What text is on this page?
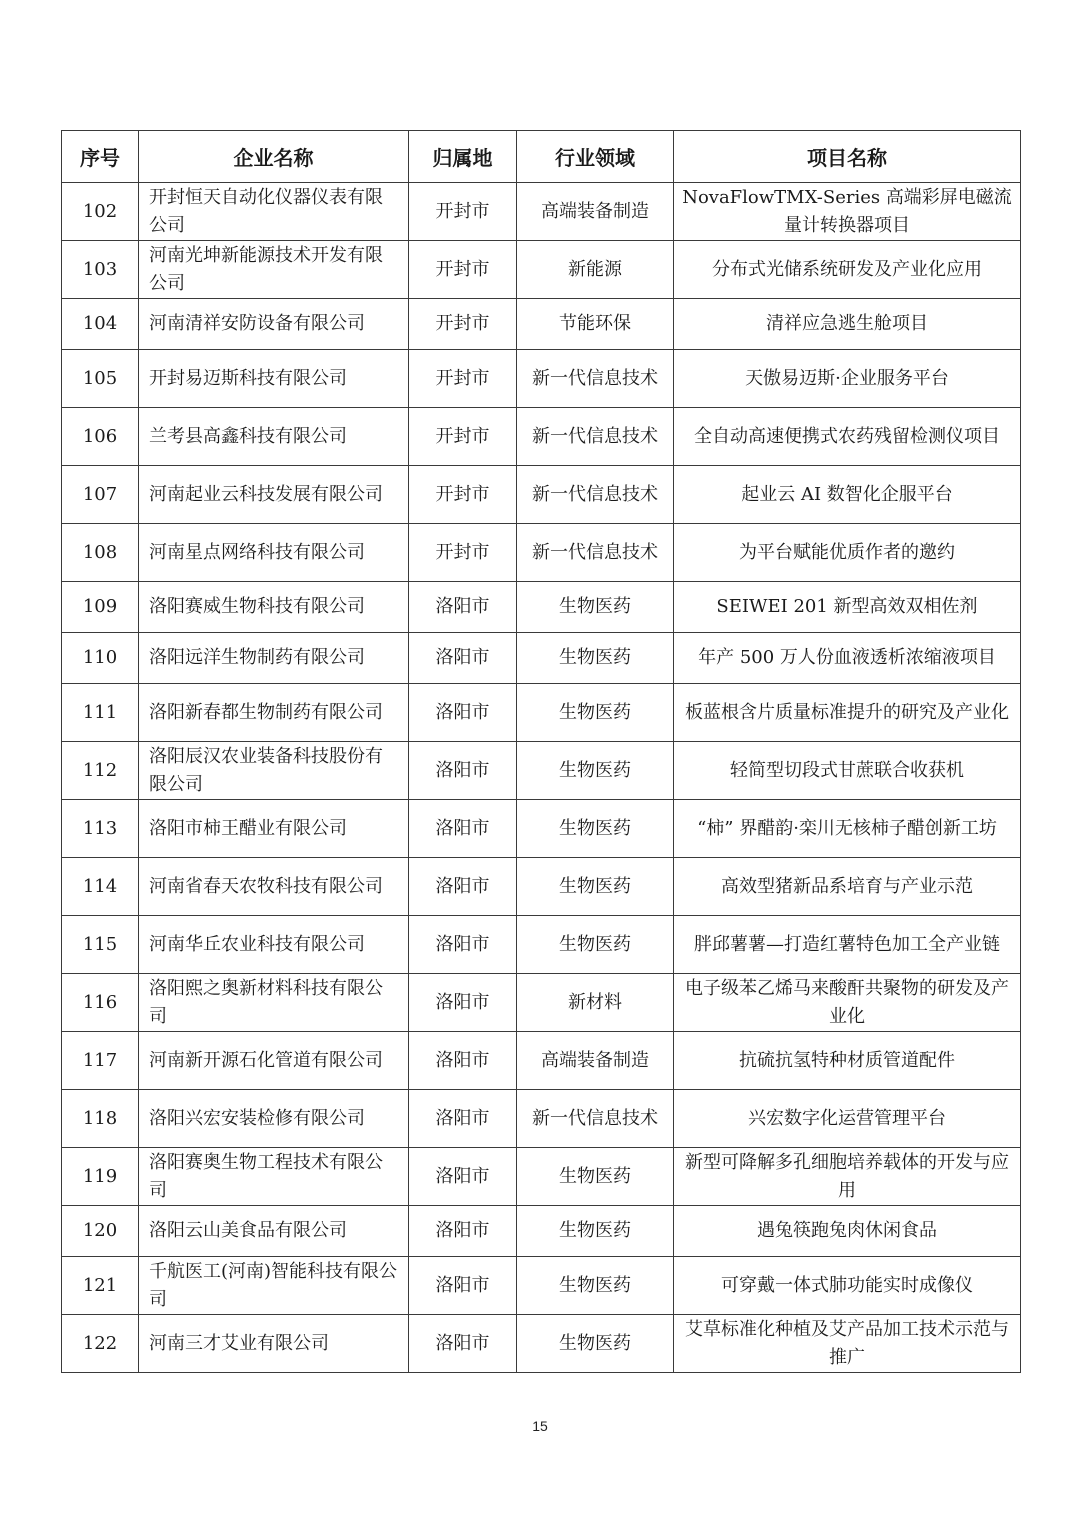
序号	企业名称	归属地	行业领域	项目名称
102	开封恒天自动化仪器仪表有限公司	开封市	高端装备制造	NovaFlowTMX-Series 高端彩屏电磁流量计转换器项目
103	河南光坤新能源技术开发有限公司	开封市	新能源	分布式光储系统研发及产业化应用
104	河南清祥安防设备有限公司	开封市	节能环保	清祥应急逃生舱项目
105	开封易迈斯科技有限公司	开封市	新一代信息技术	天傲易迈斯·企业服务平台
106	兰考县高鑫科技有限公司	开封市	新一代信息技术	全自动高速便携式农药残留检测仪项目
107	河南起业云科技发展有限公司	开封市	新一代信息技术	起业云 AI 数智化企服平台
108	河南星点网络科技有限公司	开封市	新一代信息技术	为平台赋能优质作者的邀约
109	洛阳赛威生物科技有限公司	洛阳市	生物医药	SEIWEI 201 新型高效双相佐剂
110	洛阳远洋生物制药有限公司	洛阳市	生物医药	年产 500 万人份血液透析浓缩液项目
111	洛阳新春都生物制药有限公司	洛阳市	生物医药	板蓝根含片质量标准提升的研究及产业化
112	洛阳辰汉农业装备科技股份有限公司	洛阳市	生物医药	轻简型切段式甘蔗联合收获机
113	洛阳市柿王醋业有限公司	洛阳市	生物医药	“柿” 界醋韵·栾川无核柿子醋创新工坊
114	河南省春天农牧科技有限公司	洛阳市	生物医药	高效型猪新品系培育与产业示范
115	河南华丘农业科技有限公司	洛阳市	生物医药	胖邱薯薯—打造红薯特色加工全产业链
116	洛阳熙之奥新材料科技有限公司	洛阳市	新材料	电子级苯乙烯马来酸酐共聚物的研发及产业化
117	河南新开源石化管道有限公司	洛阳市	高端装备制造	抗硫抗氢特种材质管道配件
118	洛阳兴宏安装检修有限公司	洛阳市	新一代信息技术	兴宏数字化运营管理平台
119	洛阳赛奥生物工程技术有限公司	洛阳市	生物医药	新型可降解多孔细胞培养载体的开发与应用
120	洛阳云山美食品有限公司	洛阳市	生物医药	遇兔筷跑兔肉休闲食品
121	千航医工(河南)智能科技有限公司	洛阳市	生物医药	可穿戴一体式肺功能实时成像仪
122	河南三才艾业有限公司	洛阳市	生物医药	艾草标准化种植及艾产品加工技术示范与推广
15
